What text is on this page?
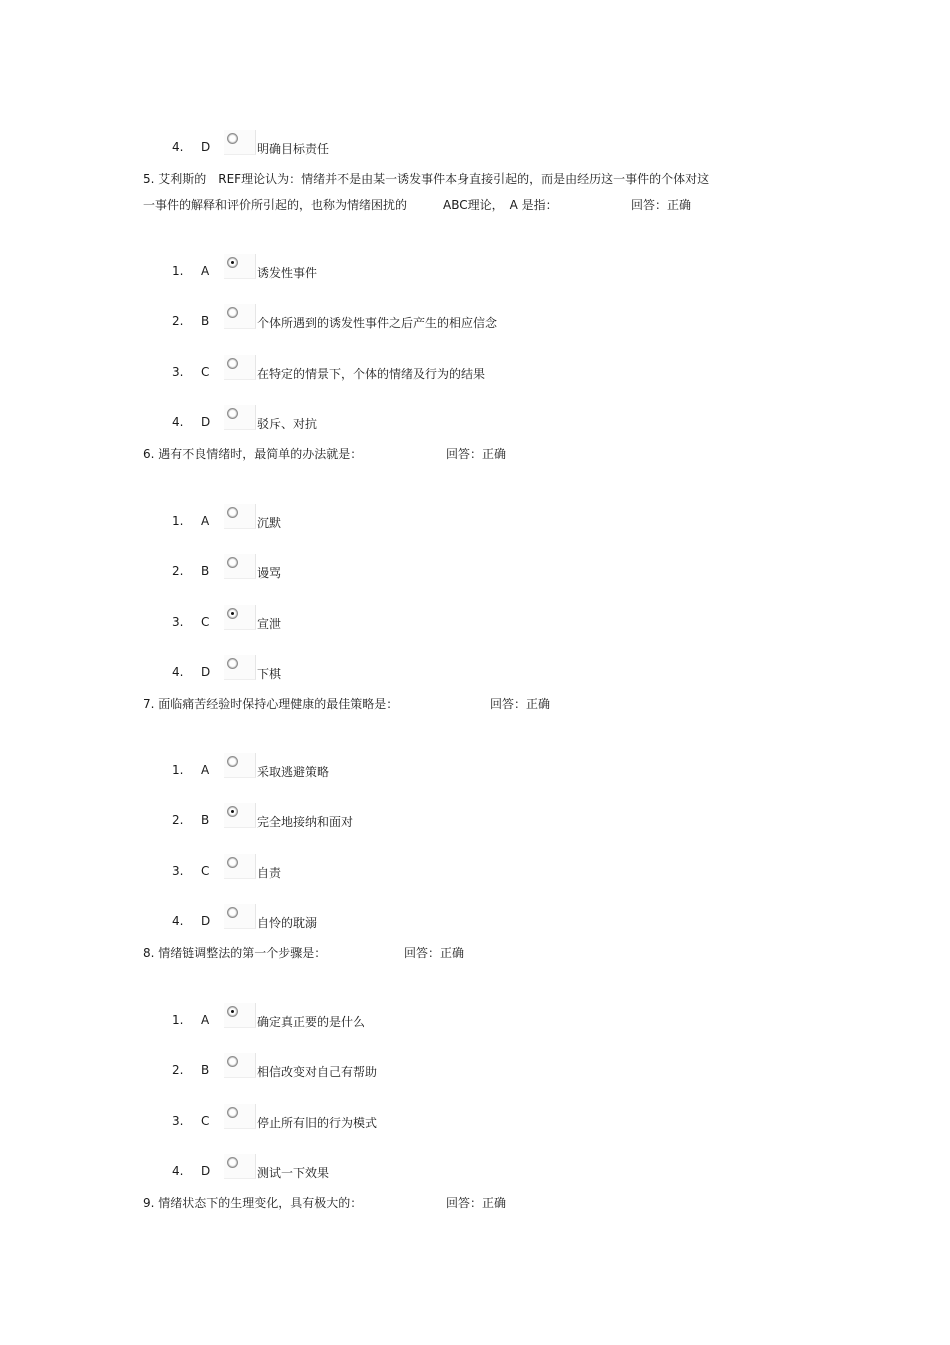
4. D	明确目标责任
5. 艾利斯的　REF理论认为：情绪并不是由某一诱发事件本身直接引起的，而是由经历这一事件的个体对这
一事件的解释和评价所引起的，也称为情绪困扰的　　　ABC理论，　A 是指：	回答：正确
6. 遇有不良情绪时，最简单的办法就是：	回答：正确
7. 面临痛苦经验时保持心理健康的最佳策略是：	回答：正确
8. 情绪链调整法的第一个步骤是：	回答：正确
9. 情绪状态下的生理变化，具有极大的：	回答：正确
1. A	诱发性事件
2. B	个体所遇到的诱发性事件之后产生的相应信念
3. C	在特定的情景下，个体的情绪及行为的结果
4. D	驳斥、对抗
1. A	沉默
2. B	谩骂
3. C	宣泄
4. D	下棋
1. A	采取逃避策略
2. B	完全地接纳和面对
3. C	自责
4. D	自怜的耽溺
1. A	确定真正要的是什么
2. B	相信改变对自己有帮助
3. C	停止所有旧的行为模式
4. D	测试一下效果
